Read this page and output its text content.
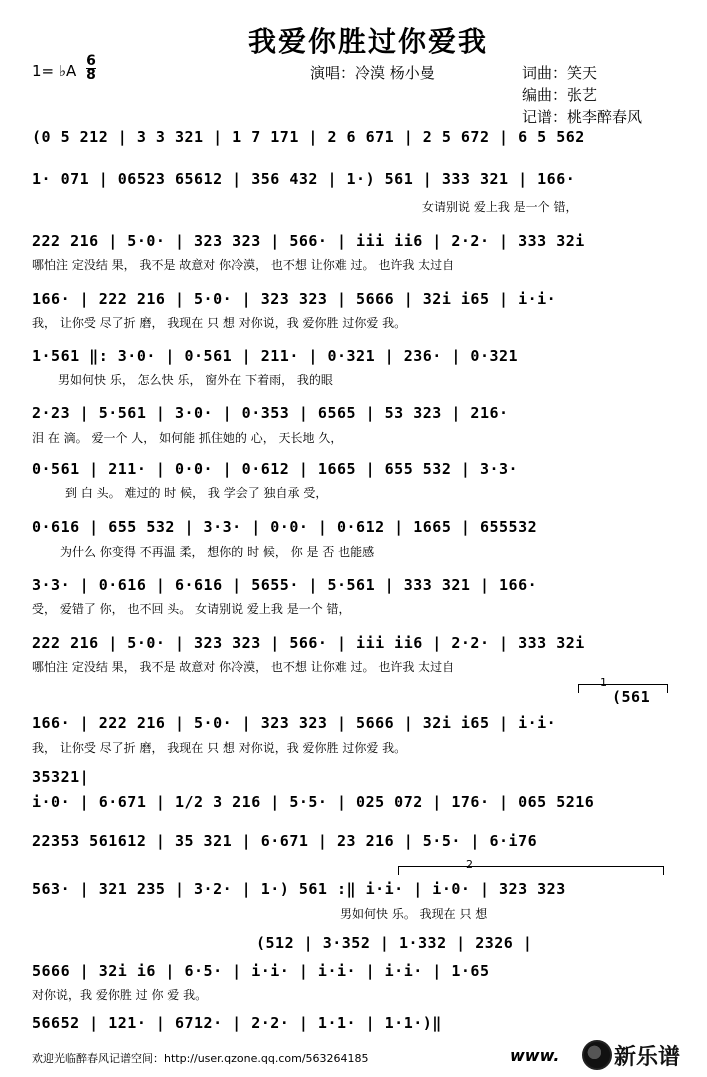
我爱你胜过你爱我
1= ♭A
6
8	演唱：冷漠 杨小曼	词曲：笑天
编曲：张艺
记谱：桃李醉春风
(0 5 212 | 3 3 321 | 1 7 171 | 2 6 671 | 2 5 672 | 6 5 562
1· 071 | 06523 65612 | 356 432 | 1·) 561 | 333 321 | 166·
女请别说 爱上我 是一个 错，
222 216 | 5·0· | 323 323 | 566· | iii ii6 | 2·2· | 333 32i
哪怕注 定没结 果， 我不是 故意对 你冷漠， 也不想 让你难 过。 也许我 太过自
166· | 222 216 | 5·0· | 323 323 | 5666 | 32i i65 | i·i·
我， 让你受 尽了折 磨， 我现在 只 想 对你说，我 爱你胜 过你爱 我。
1·561 ‖: 3·0· | 0·561 | 211· | 0·321 | 236· | 0·321
男如何快 乐， 怎么快 乐， 窗外在 下着雨， 我的眼
2·23 | 5·561 | 3·0· | 0·353 | 6565 | 53 323 | 216·
泪 在 滴。 爱一个 人， 如何能 抓住她的 心， 天长地 久，
0·561 | 211· | 0·0· | 0·612 | 1665 | 655 532 | 3·3·
到 白 头。 难过的 时 候， 我 学会了 独自承 受，
0·616 | 655 532 | 3·3· | 0·0· | 0·612 | 1665 | 655532
为什么 你变得 不再温 柔， 想你的 时 候， 你 是 否 也能感
3·3· | 0·616 | 6·616 | 5655· | 5·561 | 333 321 | 166·
受， 爱错了 你， 也不回 头。 女请别说 爱上我 是一个 错，
222 216 | 5·0· | 323 323 | 566· | iii ii6 | 2·2· | 333 32i
哪怕注 定没结 果， 我不是 故意对 你冷漠， 也不想 让你难 过。 也许我 太过自
1
(561
166· | 222 216 | 5·0· | 323 323 | 5666 | 32i i65 | i·i·
我， 让你受 尽了折 磨， 我现在 只 想 对你说，我 爱你胜 过你爱 我。
35321|
i·0· | 6·671 | 1/2 3 216 | 5·5· | 025 072 | 176· | 065 5216
22353 561612 | 35 321 | 6·671 | 23 216 | 5·5· | 6·i76
2
563· | 321 235 | 3·2· | 1·) 561 :‖ i·i· | i·0· | 323 323
男如何快 乐。 我现在 只 想
(512 | 3·352 | 1·332 | 2326 |
5666 | 32i i6 | 6·5· | i·i· | i·i· | i·i· | 1·65
对你说，我 爱你胜 过 你 爱 我。
56652 | 121· | 6712· | 2·2· | 1·1· | 1·1·)‖
欢迎光临醉春风记谱空间：http://user.qzone.qq.com/563264185	www. 新乐谱
